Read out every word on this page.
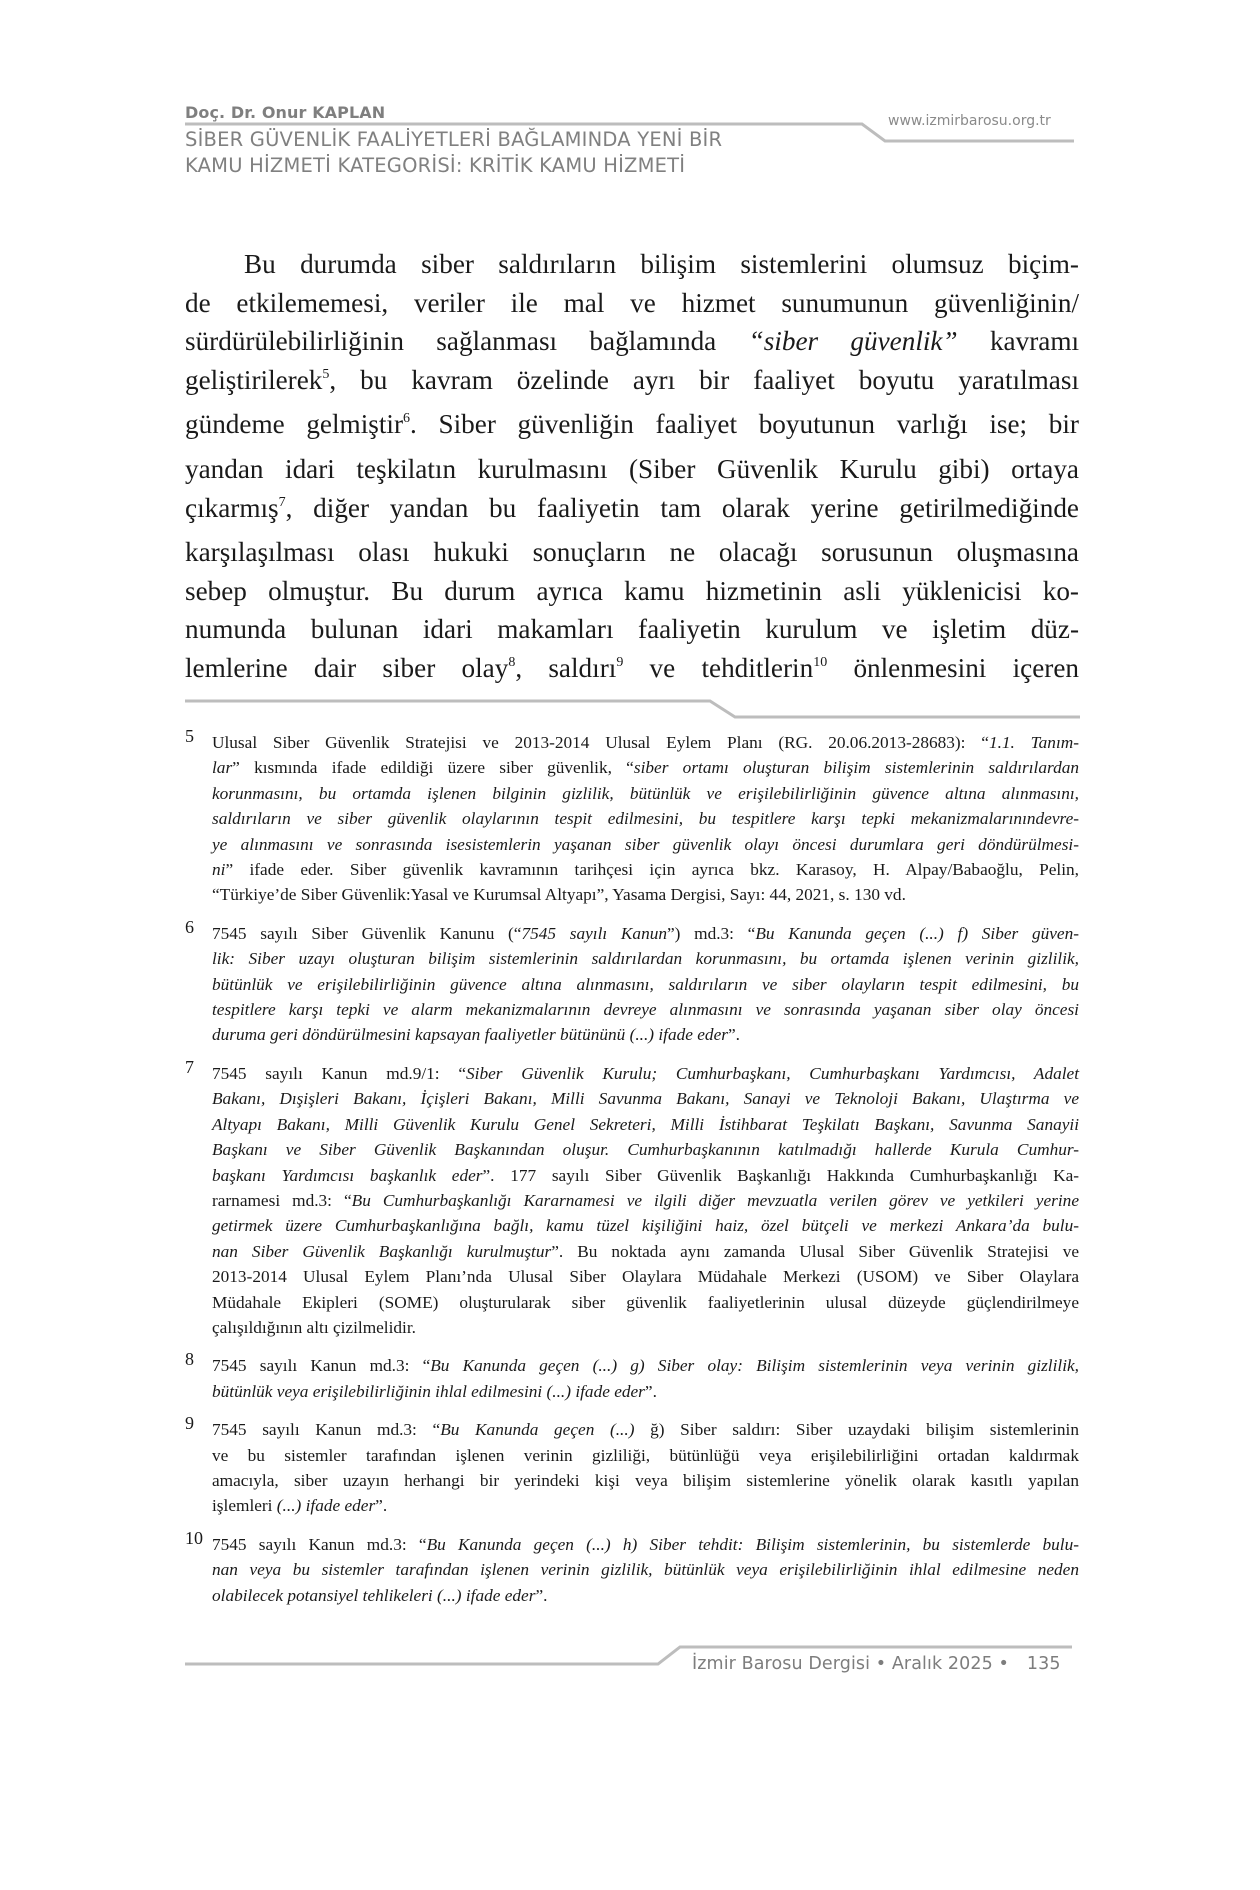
Doç. Dr. Onur KAPLAN
SİBER GÜVENLİK FAALİYETLERİ BAĞLAMINDA YENİ BİR
KAMU HİZMETİ KATEGORİSİ: KRİTİK KAMU HİZMETİ
www.izmirbarosu.org.tr
Bu durumda siber saldırıların bilişim sistemlerini olumsuz biçim-
de etkilememesi, veriler ile mal ve hizmet sunumunun güvenliğinin/
sürdürülebilirliğinin sağlanması bağlamında “siber güvenlik” kavramı
geliştirilerek$^5$, bu kavram özelinde ayrı bir faaliyet boyutu yaratılması
gündeme gelmiştir$^6$. Siber güvenliğin faaliyet boyutunun varlığı ise; bir
yandan idari teşkilatın kurulmasını (Siber Güvenlik Kurulu gibi) ortaya
çıkarmış$^7$, diğer yandan bu faaliyetin tam olarak yerine getirilmediğinde
karşılaşılması olası hukuki sonuçların ne olacağı sorusunun oluşmasına
sebep olmuştur. Bu durum ayrıca kamu hizmetinin asli yüklenicisi ko-
numunda bulunan idari makamları faaliyetin kurulum ve işletim düz-
lemlerine dair siber olay$^8$, saldırı$^9$ ve tehditlerin$^{10}$ önlenmesini içeren
5 Ulusal Siber Güvenlik Stratejisi ve 2013-2014 Ulusal Eylem Planı (RG. 20.06.2013-28683): “1.1. Tanım-
lar” kısmında ifade edildiği üzere siber güvenlik, “siber ortamı oluşturan bilişim sistemlerinin saldırılardan
korunmasını, bu ortamda işlenen bilginin gizlilik, bütünlük ve erişilebilirliğinin güvence altına alınmasını,
saldırıların ve siber güvenlik olaylarının tespit edilmesini, bu tespitlere karşı tepki mekanizmalarınındevre-
ye alınmasını ve sonrasında isesistemlerin yaşanan siber güvenlik olayı öncesi durumlara geri döndürülmesi-
ni” ifade eder. Siber güvenlik kavramının tarihçesi için ayrıca bkz. Karasoy, H. Alpay/Babaoğlu, Pelin,
“Türkiye’de Siber Güvenlik:Yasal ve Kurumsal Altyapı”, Yasama Dergisi, Sayı: 44, 2021, s. 130 vd.
6 7545 sayılı Siber Güvenlik Kanunu (“7545 sayılı Kanun”) md.3: “Bu Kanunda geçen (...) f) Siber güven-
lik: Siber uzayı oluşturan bilişim sistemlerinin saldırılardan korunmasını, bu ortamda işlenen verinin gizlilik,
bütünlük ve erişilebilirliğinin güvence altına alınmasını, saldırıların ve siber olayların tespit edilmesini, bu
tespitlere karşı tepki ve alarm mekanizmalarının devreye alınmasını ve sonrasında yaşanan siber olay öncesi
duruma geri döndürülmesini kapsayan faaliyetler bütününü (...) ifade eder”.
7 7545 sayılı Kanun md.9/1: “Siber Güvenlik Kurulu; Cumhurbaşkanı, Cumhurbaşkanı Yardımcısı, Adalet
Bakanı, Dışişleri Bakanı, İçişleri Bakanı, Milli Savunma Bakanı, Sanayi ve Teknoloji Bakanı, Ulaştırma ve
Altyapı Bakanı, Milli Güvenlik Kurulu Genel Sekreteri, Milli İstihbarat Teşkilatı Başkanı, Savunma Sanayii
Başkanı ve Siber Güvenlik Başkanından oluşur. Cumhurbaşkanının katılmadığı hallerde Kurula Cumhur-
başkanı Yardımcısı başkanlık eder”. 177 sayılı Siber Güvenlik Başkanlığı Hakkında Cumhurbaşkanlığı Ka-
rarnamesi md.3: “Bu Cumhurbaşkanlığı Kararnamesi ve ilgili diğer mevzuatla verilen görev ve yetkileri yerine
getirmek üzere Cumhurbaşkanlığına bağlı, kamu tüzel kişiliğini haiz, özel bütçeli ve merkezi Ankara’da bulu-
nan Siber Güvenlik Başkanlığı kurulmuştur”. Bu noktada aynı zamanda Ulusal Siber Güvenlik Stratejisi ve
2013-2014 Ulusal Eylem Planı’nda Ulusal Siber Olaylara Müdahale Merkezi (USOM) ve Siber Olaylara
Müdahale Ekipleri (SOME) oluşturularak siber güvenlik faaliyetlerinin ulusal düzeyde güçlendirilmeye
çalışıldığının altı çizilmelidir.
8 7545 sayılı Kanun md.3: “Bu Kanunda geçen (...) g) Siber olay: Bilişim sistemlerinin veya verinin gizlilik,
bütünlük veya erişilebilirliğinin ihlal edilmesini (...) ifade eder”.
9 7545 sayılı Kanun md.3: “Bu Kanunda geçen (...) ğ) Siber saldırı: Siber uzaydaki bilişim sistemlerinin
ve bu sistemler tarafından işlenen verinin gizliliği, bütünlüğü veya erişilebilirliğini ortadan kaldırmak
amacıyla, siber uzayın herhangi bir yerindeki kişi veya bilişim sistemlerine yönelik olarak kasıtlı yapılan
işlemleri (...) ifade eder”.
10 7545 sayılı Kanun md.3: “Bu Kanunda geçen (...) h) Siber tehdit: Bilişim sistemlerinin, bu sistemlerde bulu-
nan veya bu sistemler tarafından işlenen verinin gizlilik, bütünlük veya erişilebilirliğinin ihlal edilmesine neden
olabilecek potansiyel tehlikeleri (...) ifade eder”.
İzmir Barosu Dergisi • Aralık 2025 • 135
